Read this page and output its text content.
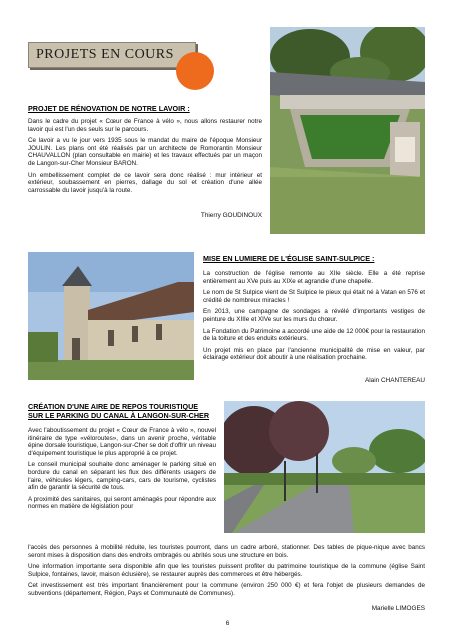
PROJETS EN COURS
PROJET DE RÉNOVATION DE NOTRE LAVOIR :

Dans le cadre du projet « Cœur de France à vélo », nous allons restaurer notre lavoir qui est l'un des seuls sur le parcours.

Ce lavoir a vu le jour vers 1935 sous le mandat du maire de l'époque Monsieur JOULIN. Les plans ont été réalisés par un architecte de Romorantin Monsieur CHAUVALLON (plan consultable en mairie) et les travaux effectués par un maçon de Langon-sur-Cher Monsieur BARON.

Un embellissement complet de ce lavoir sera donc réalisé : mur intérieur et extérieur, soubassement en pierres, dallage du sol et création d'une allée carrossable du lavoir jusqu'à la route.

Thierry GOUDINOUX
MISE EN LUMIERE DE L'ÉGLISE SAINT-SULPICE :

La construction de l'église remonte au XIIe siècle. Elle a été reprise entièrement au XVe puis au XIXe et agrandie d'une chapelle.

Le nom de St Sulpice vient de St Sulpice le pieux qui était né à Vatan en 576 et crédité de nombreux miracles !

En 2013, une campagne de sondages a révélé d'importants vestiges de peinture du XIIIe et XIVe sur les murs du chœur.

La Fondation du Patrimoine a accordé une aide de 12 000€ pour la restauration de la toiture et des enduits extérieurs.

Un projet mis en place par l'ancienne municipalité de mise en valeur, par éclairage extérieur doit aboutir à une réalisation prochaine.

Alain CHANTEREAU
CRÉATION D'UNE AIRE DE REPOS TOURISTIQUE SUR LE PARKING DU CANAL À LANGON-SUR-CHER

Avec l'aboutissement du projet « Cœur de France à vélo », nouvel itinéraire de type «véloroutes», dans un avenir proche, véritable épine dorsale touristique, Langon-sur-Cher se doit d'offrir un niveau d'équipement touristique le plus approprié à ce projet.

Le conseil municipal souhaite donc aménager le parking situé en bordure du canal en séparant les flux des différents usagers de l'aire, véhicules légers, camping-cars, cars de tourisme, cyclistes afin de garantir la sécurité de tous.

A proximité des sanitaires, qui seront aménagés pour répondre aux normes en matière de législation pour

l'accès des personnes à mobilité réduite, les touristes pourront, dans un cadre arboré, stationner. Des tables de pique-nique avec bancs seront mises à disposition dans des endroits ombragés ou abrités sous une structure en bois.

Une information importante sera disponible afin que les touristes puissent profiter du patrimoine touristique de la commune (église Saint Sulpice, fontaines, lavoir, maison éclusière), se restaurer auprès des commerces et être hébergés.

Cet investissement est très important financièrement pour la commune (environ 250 000 €) et fera l'objet de plusieurs demandes de subventions (département, Région, Pays et Communauté de Communes).

Marielle LIMOGES
6
